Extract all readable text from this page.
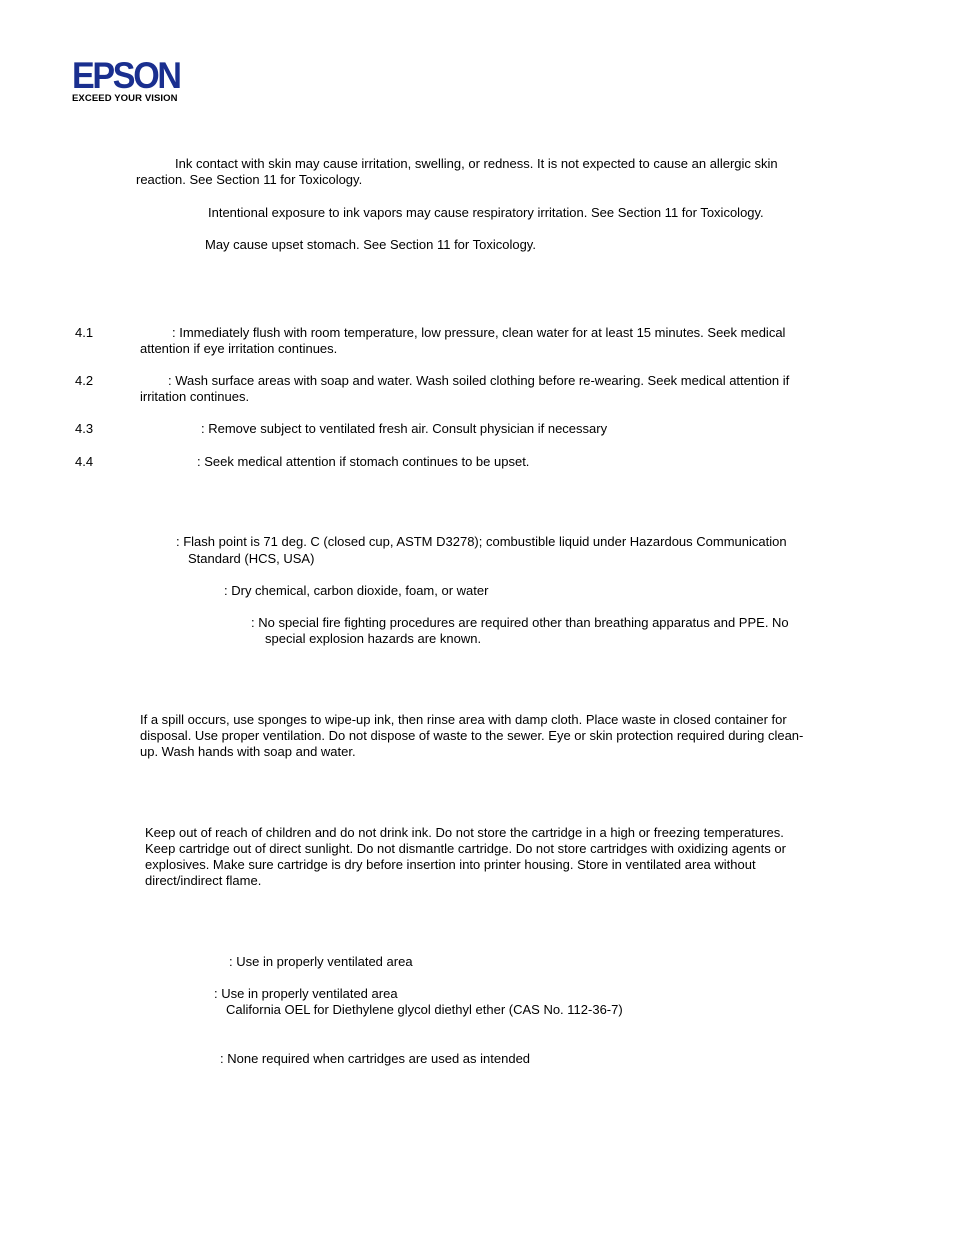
EPSON
EXCEED YOUR VISION

Ink contact with skin may cause irritation, swelling, or redness. It is not expected to cause an allergic skin

reaction. See Section 11 for Toxicology.

Intentional exposure to ink vapors may cause respiratory irritation. See Section 11 for Toxicology.

May cause upset stomach. See Section 11 for Toxicology.

4.1	: Immediately flush with room temperature, low pressure, clean water for at least 15 minutes. Seek medical

attention if eye irritation continues.

4.2	: Wash surface areas with soap and water. Wash soiled clothing before re-wearing. Seek medical attention if

irritation continues.

4.3	: Remove subject to ventilated fresh air. Consult physician if necessary

4.4	: Seek medical attention if stomach continues to be upset.

: Flash point is 71 deg. C (closed cup, ASTM D3278); combustible liquid under Hazardous Communication

Standard (HCS, USA)

: Dry chemical, carbon dioxide, foam, or water

: No special fire fighting procedures are required other than breathing apparatus and PPE. No

special explosion hazards are known.

If a spill occurs, use sponges to wipe-up ink, then rinse area with damp cloth. Place waste in closed container for

disposal. Use proper ventilation. Do not dispose of waste to the sewer. Eye or skin protection required during clean-

up. Wash hands with soap and water.

Keep out of reach of children and do not drink ink. Do not store the cartridge in a high or freezing temperatures.

Keep cartridge out of direct sunlight. Do not dismantle cartridge. Do not store cartridges with oxidizing agents or

explosives. Make sure cartridge is dry before insertion into printer housing. Store in ventilated area without

direct/indirect flame.

: Use in properly ventilated area

: Use in properly ventilated area

California OEL for Diethylene glycol diethyl ether (CAS No. 112-36-7)

: None required when cartridges are used as intended
